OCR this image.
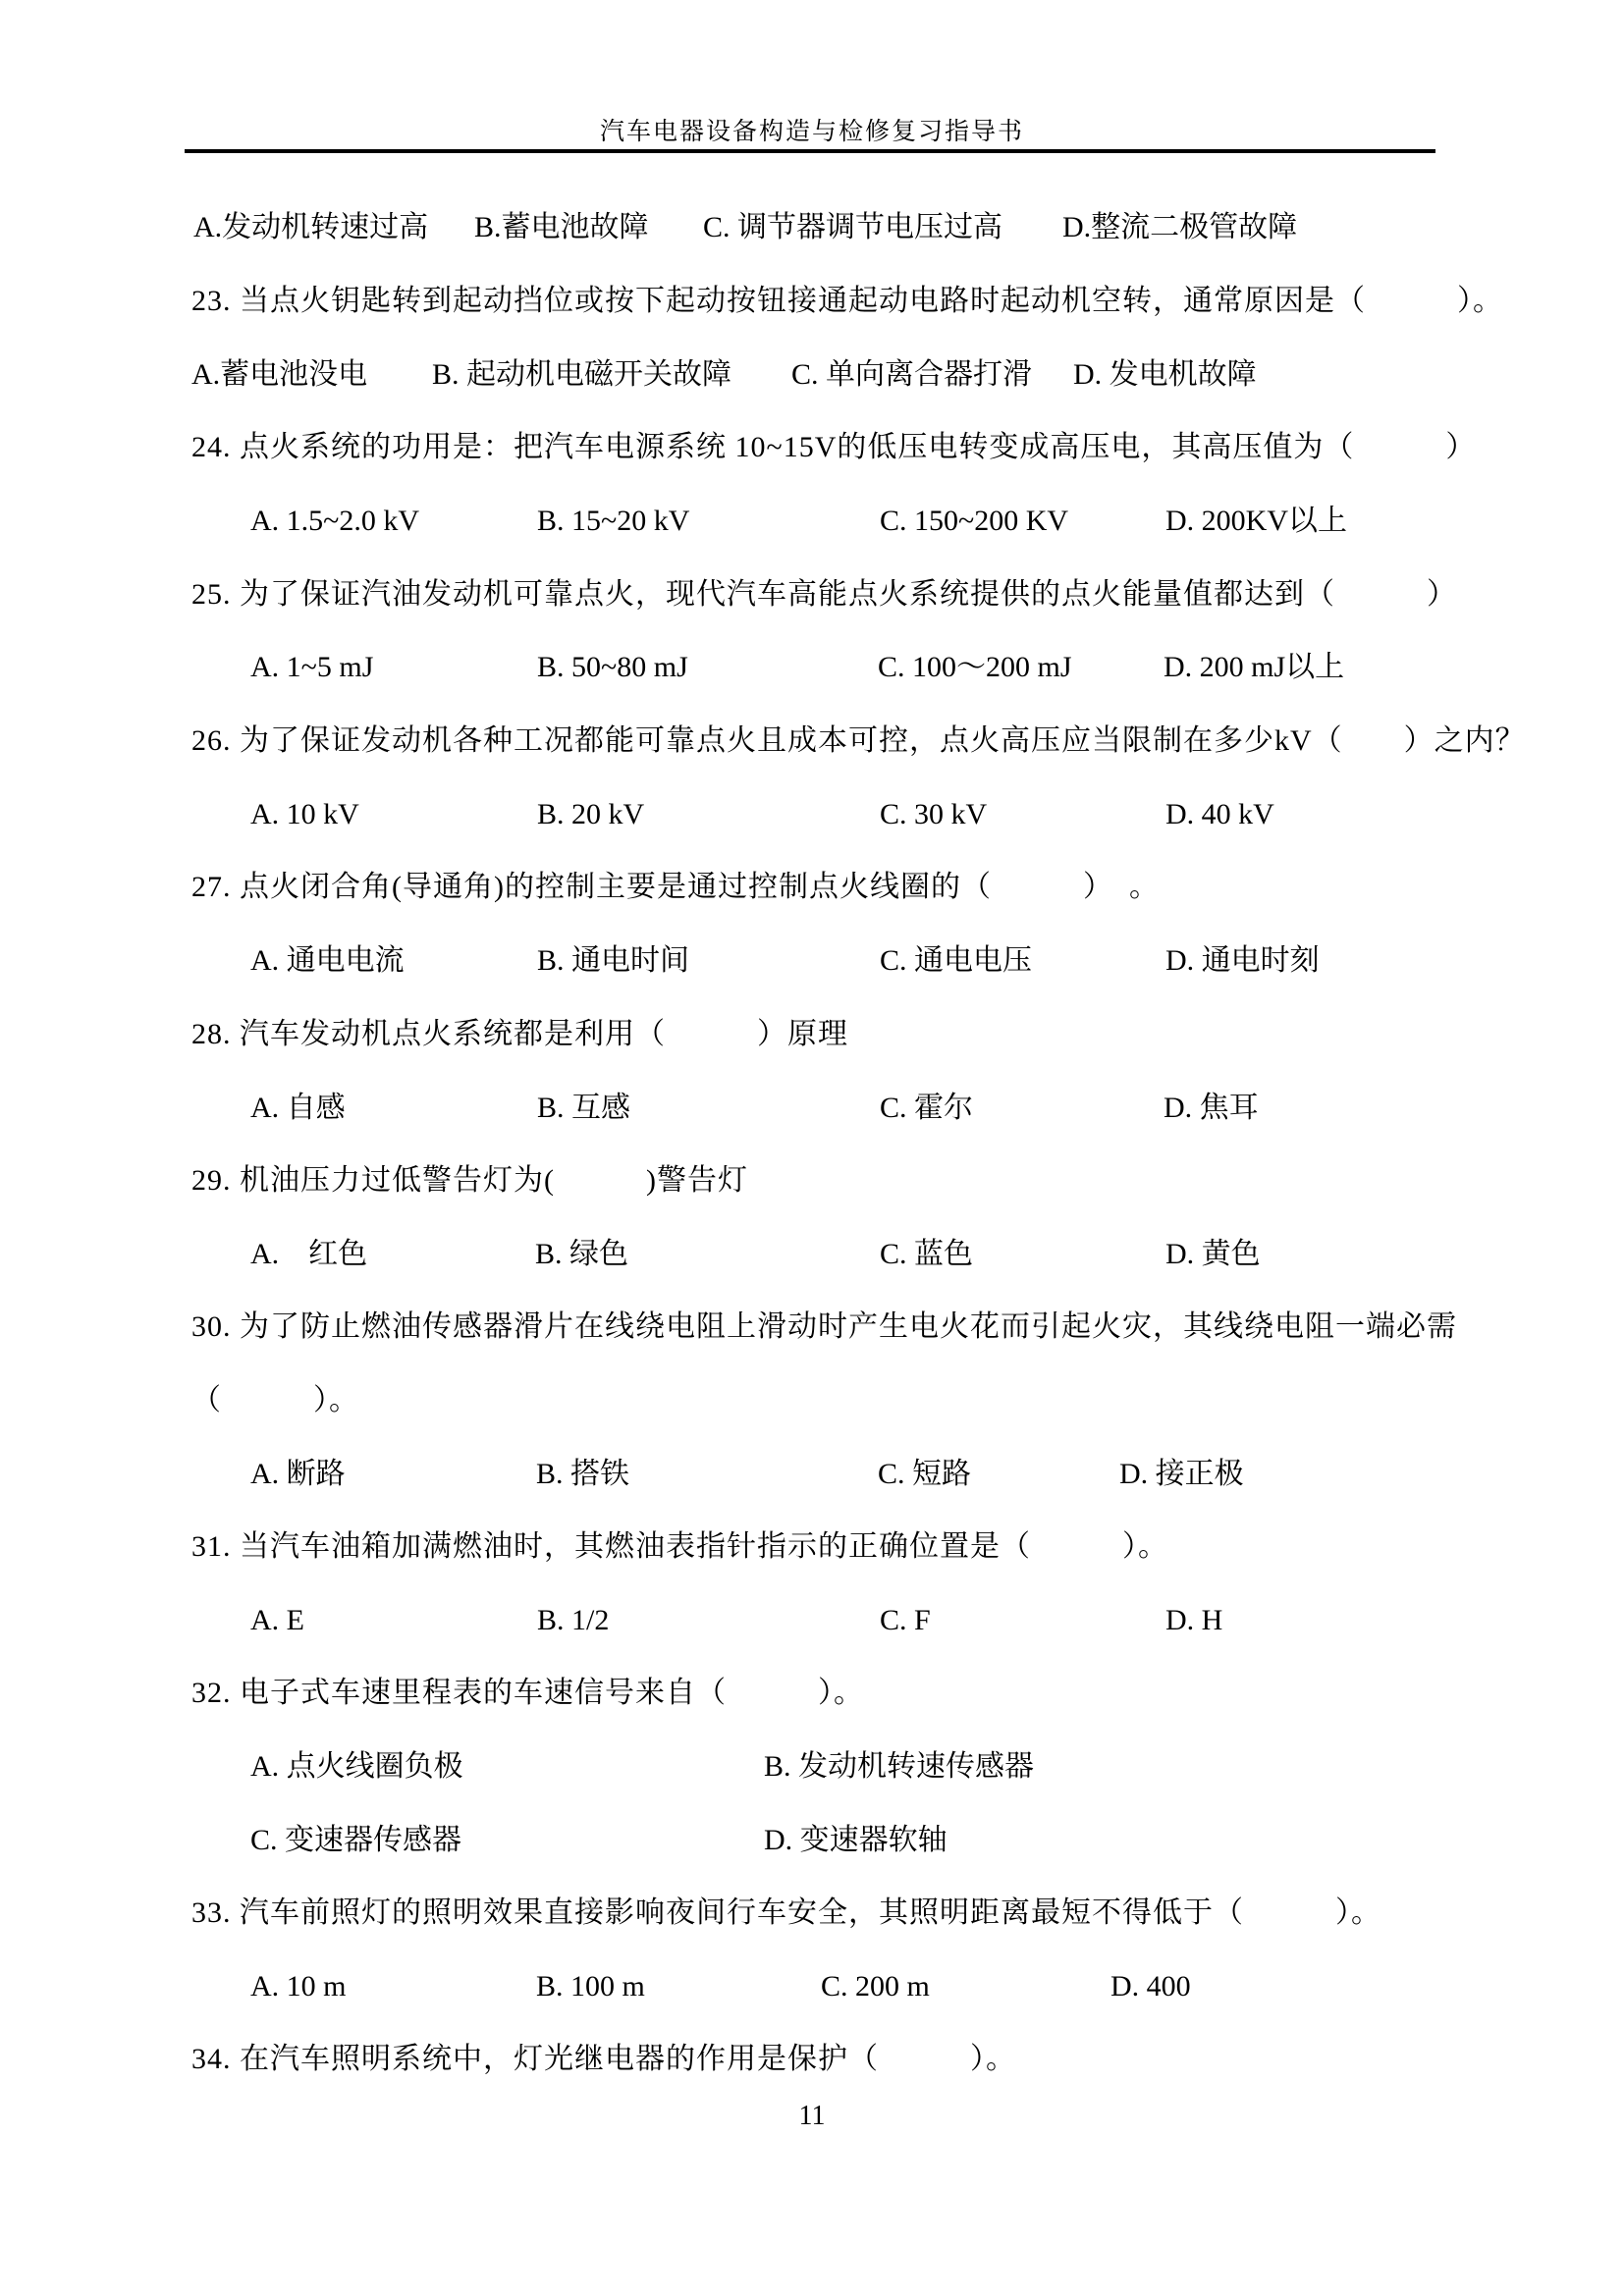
汽车电器设备构造与检修复习指导书
A.发动机转速过高 B.蓄电池故障 C. 调节器调节电压过高 D.整流二极管故障
23. 当点火钥匙转到起动挡位或按下起动按钮接通起动电路时起动机空转，通常原因是（　　　）。
A.蓄电池没电 B. 起动机电磁开关故障 C. 单向离合器打滑 D. 发电机故障
24. 点火系统的功用是：把汽车电源系统 10~15V的低压电转变成高压电，其高压值为（　　　）
A. 1.5~2.0 kV	B. 15~20 kV	C. 150~200 KV	D. 200KV以上
25. 为了保证汽油发动机可靠点火，现代汽车高能点火系统提供的点火能量值都达到（　　　）
A. 1~5 mJ	B. 50~80 mJ	C. 100～200 mJ	D. 200 mJ以上
26. 为了保证发动机各种工况都能可靠点火且成本可控，点火高压应当限制在多少kV（　　）之内？
A. 10 kV	B. 20 kV	C. 30 kV	D. 40 kV
27. 点火闭合角(导通角)的控制主要是通过控制点火线圈的（　　　）　。
A. 通电电流	B. 通电时间	C. 通电电压	D. 通电时刻
28. 汽车发动机点火系统都是利用（　　　）原理
A. 自感	B. 互感	C. 霍尔	D. 焦耳
29. 机油压力过低警告灯为(　　　)警告灯
A.　红色	B. 绿色	C. 蓝色	D. 黄色
30. 为了防止燃油传感器滑片在线绕电阻上滑动时产生电火花而引起火灾，其线绕电阻一端必需
（　　　）。
A. 断路	B. 搭铁	C. 短路	D. 接正极
31. 当汽车油箱加满燃油时，其燃油表指针指示的正确位置是（　　　）。
A. E	B. 1/2	C. F	D. H
32. 电子式车速里程表的车速信号来自（　　　）。
A. 点火线圈负极	B. 发动机转速传感器
C. 变速器传感器	D. 变速器软轴
33. 汽车前照灯的照明效果直接影响夜间行车安全，其照明距离最短不得低于（　　　）。
A. 10 m	B. 100 m	C. 200 m	D. 400
34. 在汽车照明系统中，灯光继电器的作用是保护（　　　）。
11
